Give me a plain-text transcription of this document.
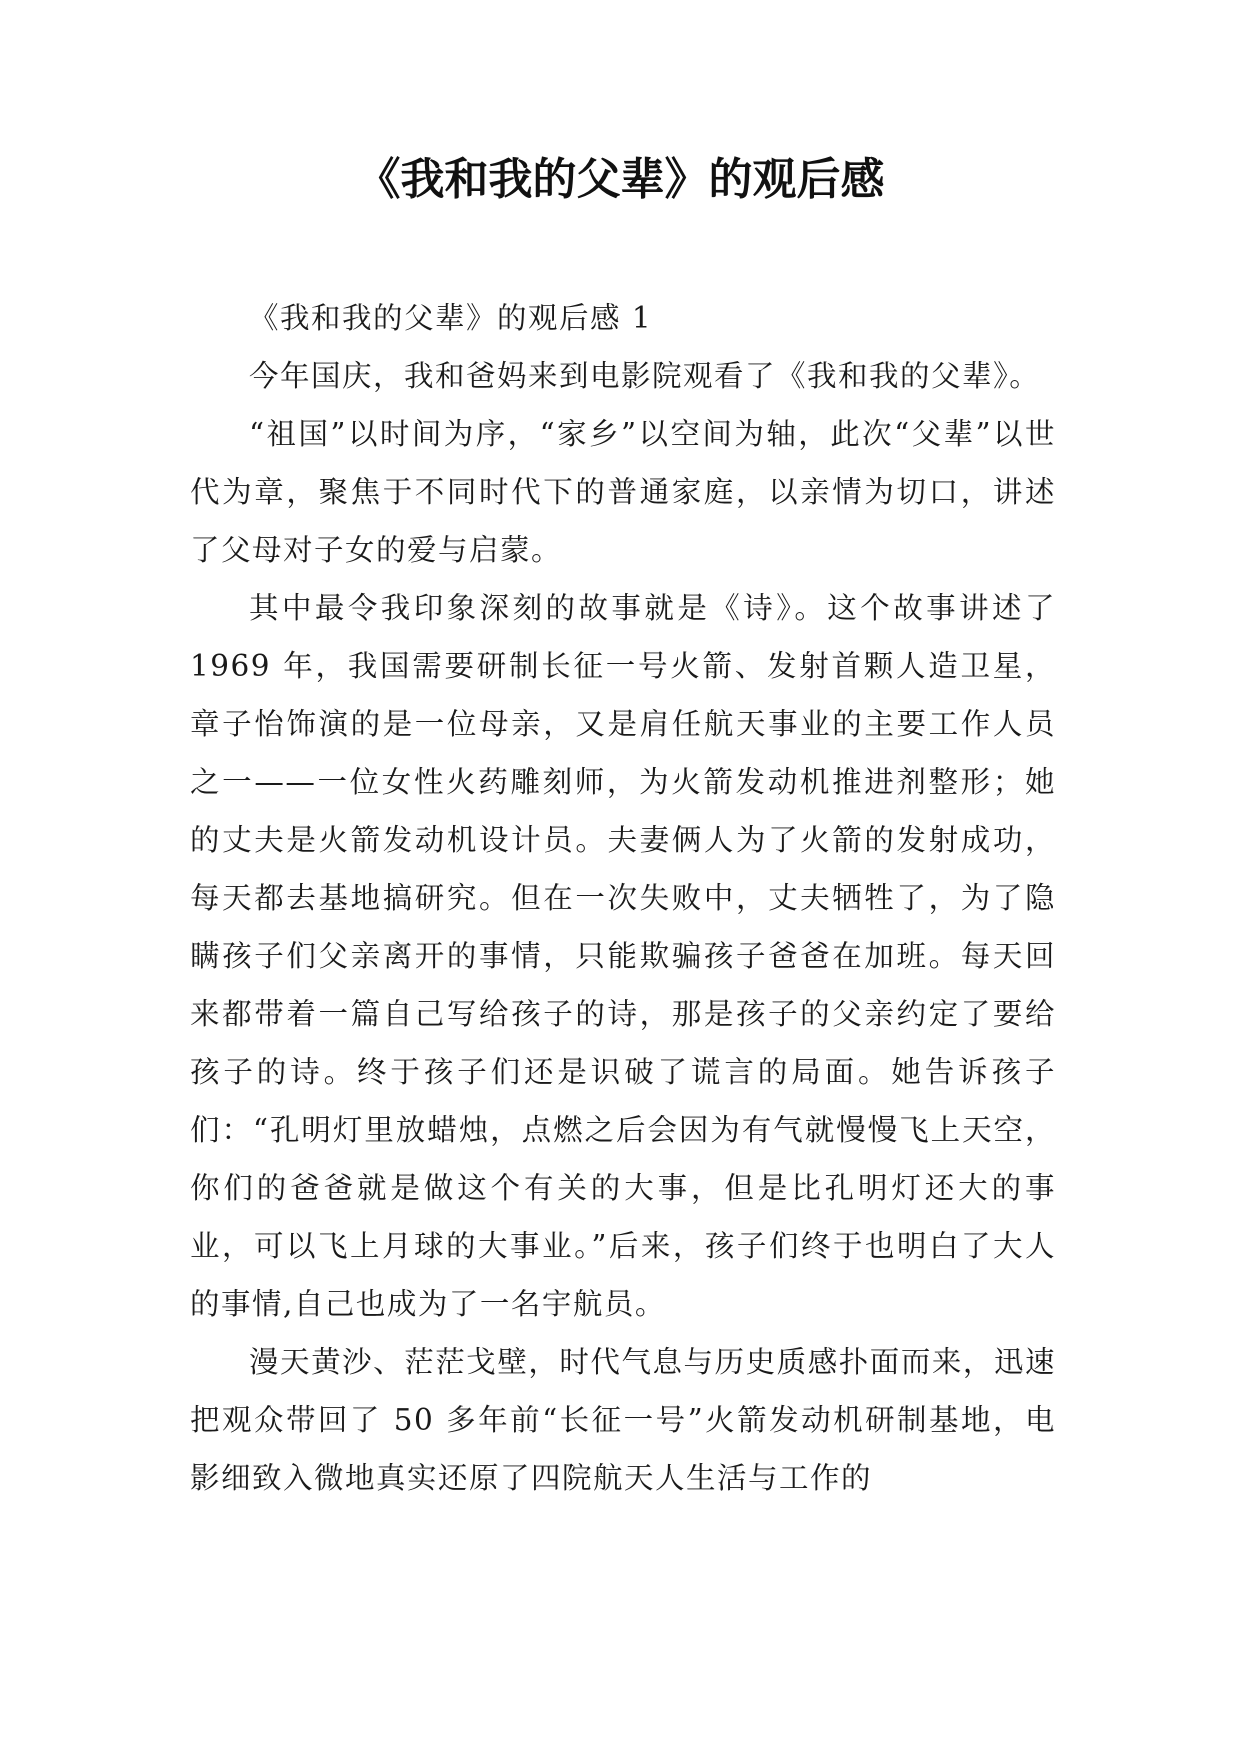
《我和我的父辈》的观后感

《我和我的父辈》的观后感 1

今年国庆，我和爸妈来到电影院观看了《我和我的父辈》。

“祖国”以时间为序，“家乡”以空间为轴，此次“父辈”以世代为章，聚焦于不同时代下的普通家庭，以亲情为切口，讲述了父母对子女的爱与启蒙。

其中最令我印象深刻的故事就是《诗》。这个故事讲述了 1969 年，我国需要研制长征一号火箭、发射首颗人造卫星，章子怡饰演的是一位母亲，又是肩任航天事业的主要工作人员之一——一位女性火药雕刻师，为火箭发动机推进剂整形；她的丈夫是火箭发动机设计员。夫妻俩人为了火箭的发射成功，每天都去基地搞研究。但在一次失败中，丈夫牺牲了，为了隐瞒孩子们父亲离开的事情，只能欺骗孩子爸爸在加班。每天回来都带着一篇自己写给孩子的诗，那是孩子的父亲约定了要给孩子的诗。终于孩子们还是识破了谎言的局面。她告诉孩子们：“孔明灯里放蜡烛，点燃之后会因为有气就慢慢飞上天空，你们的爸爸就是做这个有关的大事，但是比孔明灯还大的事业，可以飞上月球的大事业。”后来，孩子们终于也明白了大人的事情,自己也成为了一名宇航员。

漫天黄沙、茫茫戈壁，时代气息与历史质感扑面而来，迅速把观众带回了 50 多年前“长征一号”火箭发动机研制基地，电影细致入微地真实还原了四院航天人生活与工作的
